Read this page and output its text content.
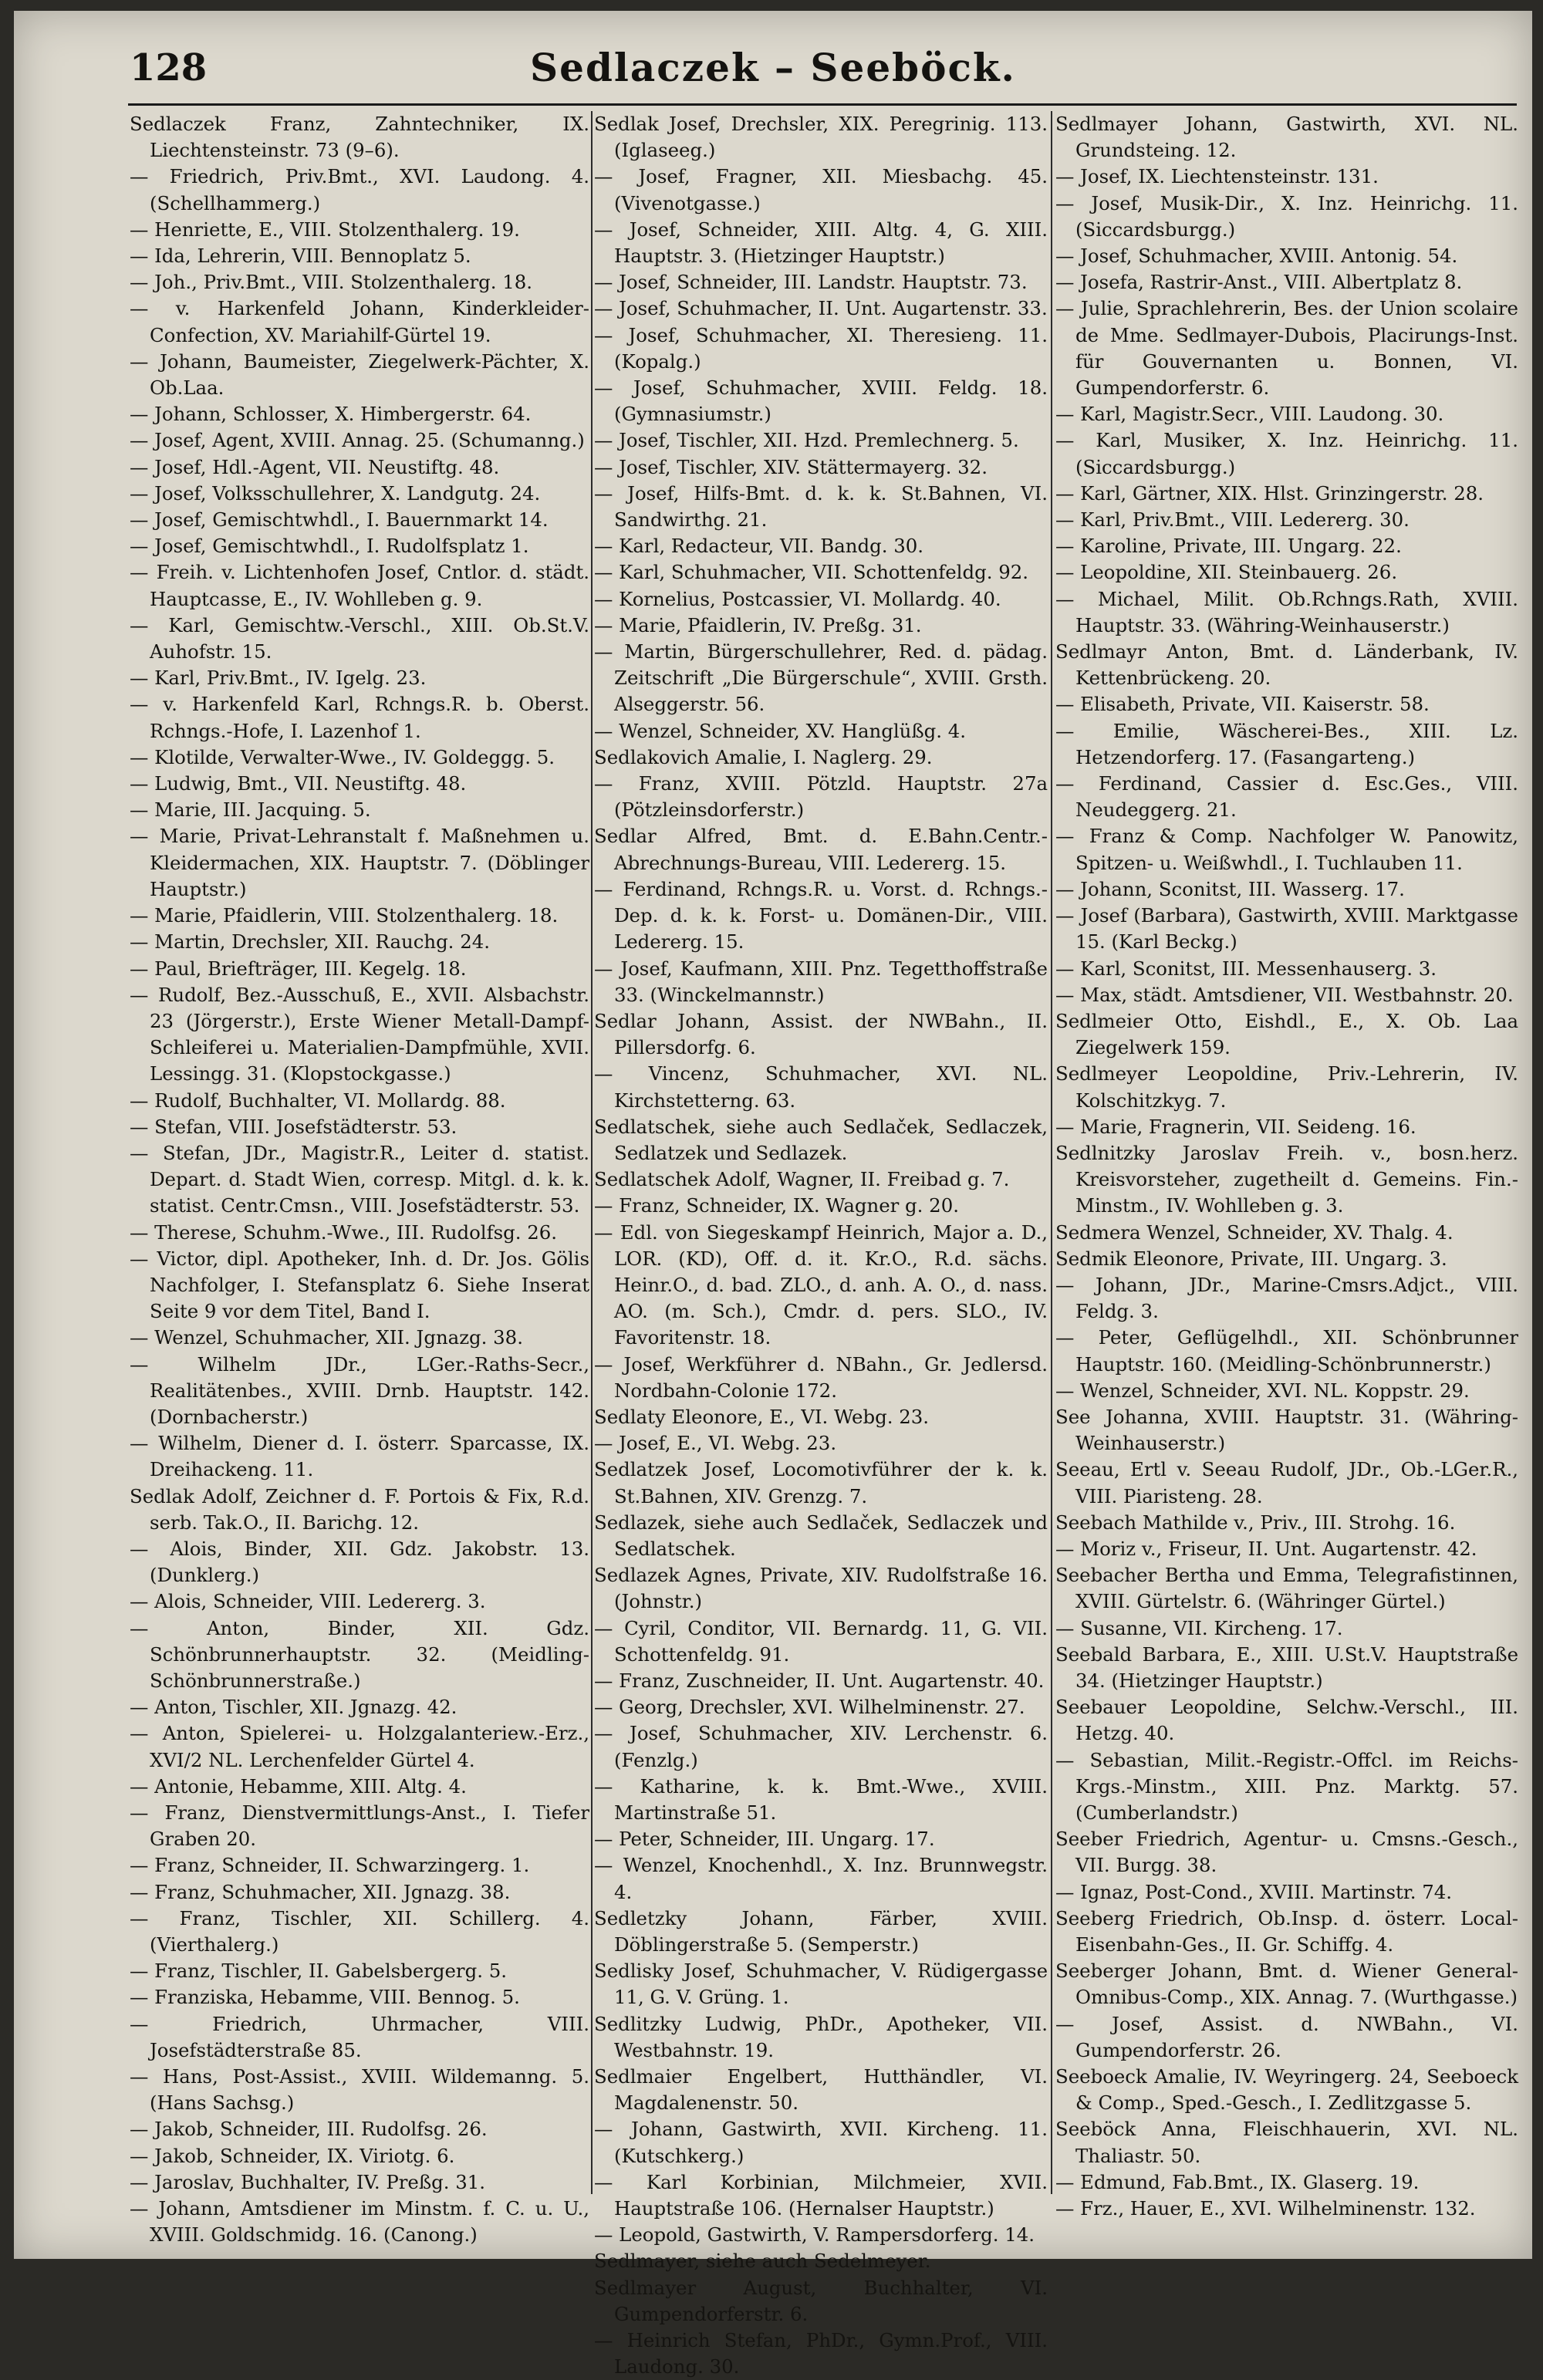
128	Sedlaczek – Seeböck.
Sedlaczek Franz, Zahntechniker, IX. Liechtensteinstr. 73 (9–6).
— Friedrich, Priv.Bmt., XVI. Laudong. 4. (Schellhammerg.)
— Henriette, E., VIII. Stolzenthalerg. 19.
— Ida, Lehrerin, VIII. Bennoplatz 5.
— Joh., Priv.Bmt., VIII. Stolzenthalerg. 18.
— v. Harkenfeld Johann, Kinderkleider-Confection, XV. Mariahilf-Gürtel 19.
— Johann, Baumeister, Ziegelwerk-Pächter, X. Ob.Laa.
— Johann, Schlosser, X. Himbergerstr. 64.
— Josef, Agent, XVIII. Annag. 25. (Schumanng.)
— Josef, Hdl.-Agent, VII. Neustiftg. 48.
— Josef, Volksschullehrer, X. Landgutg. 24.
— Josef, Gemischtwhdl., I. Bauernmarkt 14.
— Josef, Gemischtwhdl., I. Rudolfsplatz 1.
— Freih. v. Lichtenhofen Josef, Cntlor. d. städt. Hauptcasse, E., IV. Wohlleben g. 9.
— Karl, Gemischtw.-Verschl., XIII. Ob.St.V. Auhofstr. 15.
— Karl, Priv.Bmt., IV. Igelg. 23.
— v. Harkenfeld Karl, Rchngs.R. b. Oberst. Rchngs.-Hofe, I. Lazenhof 1.
— Klotilde, Verwalter-Wwe., IV. Goldeggg. 5.
— Ludwig, Bmt., VII. Neustiftg. 48.
— Marie, III. Jacquing. 5.
— Marie, Privat-Lehranstalt f. Maßnehmen u. Kleidermachen, XIX. Hauptstr. 7. (Döblinger Hauptstr.)
— Marie, Pfaidlerin, VIII. Stolzenthalerg. 18.
— Martin, Drechsler, XII. Rauchg. 24.
— Paul, Briefträger, III. Kegelg. 18.
— Rudolf, Bez.-Ausschuß, E., XVII. Alsbachstr. 23 (Jörgerstr.), Erste Wiener Metall-Dampf-Schleiferei u. Materialien-Dampfmühle, XVII. Lessingg. 31. (Klopstockgasse.)
— Rudolf, Buchhalter, VI. Mollardg. 88.
— Stefan, VIII. Josefstädterstr. 53.
— Stefan, JDr., Magistr.R., Leiter d. statist. Depart. d. Stadt Wien, corresp. Mitgl. d. k. k. statist. Centr.Cmsn., VIII. Josefstädterstr. 53.
— Therese, Schuhm.-Wwe., III. Rudolfsg. 26.
— Victor, dipl. Apotheker, Inh. d. Dr. Jos. Gölis Nachfolger, I. Stefansplatz 6. Siehe Inserat Seite 9 vor dem Titel, Band I.
— Wenzel, Schuhmacher, XII. Jgnazg. 38.
— Wilhelm JDr., LGer.-Raths-Secr., Realitätenbes., XVIII. Drnb. Hauptstr. 142. (Dornbacherstr.)
— Wilhelm, Diener d. I. österr. Sparcasse, IX. Dreihackeng. 11.
Sedlak Adolf, Zeichner d. F. Portois & Fix, R.d. serb. Tak.O., II. Barichg. 12.
— Alois, Binder, XII. Gdz. Jakobstr. 13. (Dunklerg.)
— Alois, Schneider, VIII. Ledererg. 3.
— Anton, Binder, XII. Gdz. Schönbrunnerhauptstr. 32. (Meidling-Schönbrunnerstraße.)
— Anton, Tischler, XII. Jgnazg. 42.
— Anton, Spielerei- u. Holzgalanteriew.-Erz., XVI/2 NL. Lerchenfelder Gürtel 4.
— Antonie, Hebamme, XIII. Altg. 4.
— Franz, Dienstvermittlungs-Anst., I. Tiefer Graben 20.
— Franz, Schneider, II. Schwarzingerg. 1.
— Franz, Schuhmacher, XII. Jgnazg. 38.
— Franz, Tischler, XII. Schillerg. 4. (Vierthalerg.)
— Franz, Tischler, II. Gabelsbergerg. 5.
— Franziska, Hebamme, VIII. Bennog. 5.
— Friedrich, Uhrmacher, VIII. Josefstädterstraße 85.
— Hans, Post-Assist., XVIII. Wildemanng. 5. (Hans Sachsg.)
— Jakob, Schneider, III. Rudolfsg. 26.
— Jakob, Schneider, IX. Viriotg. 6.
— Jaroslav, Buchhalter, IV. Preßg. 31.
— Johann, Amtsdiener im Minstm. f. C. u. U., XVIII. Goldschmidg. 16. (Canong.)
Sedlak Josef, Drechsler, XIX. Peregrinig. 113. (Iglaseeg.)
— Josef, Fragner, XII. Miesbachg. 45. (Vivenotgasse.)
— Josef, Schneider, XIII. Altg. 4, G. XIII. Hauptstr. 3. (Hietzinger Hauptstr.)
— Josef, Schneider, III. Landstr. Hauptstr. 73.
— Josef, Schuhmacher, II. Unt. Augartenstr. 33.
— Josef, Schuhmacher, XI. Theresieng. 11. (Kopalg.)
— Josef, Schuhmacher, XVIII. Feldg. 18. (Gymnasiumstr.)
— Josef, Tischler, XII. Hzd. Premlechnerg. 5.
— Josef, Tischler, XIV. Stättermayerg. 32.
— Josef, Hilfs-Bmt. d. k. k. St.Bahnen, VI. Sandwirthg. 21.
— Karl, Redacteur, VII. Bandg. 30.
— Karl, Schuhmacher, VII. Schottenfeldg. 92.
— Kornelius, Postcassier, VI. Mollardg. 40.
— Marie, Pfaidlerin, IV. Preßg. 31.
— Martin, Bürgerschullehrer, Red. d. pädag. Zeitschrift „Die Bürgerschule“, XVIII. Grsth. Alseggerstr. 56.
— Wenzel, Schneider, XV. Hanglüßg. 4.
Sedlakovich Amalie, I. Naglerg. 29.
— Franz, XVIII. Pötzld. Hauptstr. 27a (Pötzleinsdorferstr.)
Sedlar Alfred, Bmt. d. E.Bahn.Centr.-Abrechnungs-Bureau, VIII. Ledererg. 15.
— Ferdinand, Rchngs.R. u. Vorst. d. Rchngs.-Dep. d. k. k. Forst- u. Domänen-Dir., VIII. Ledererg. 15.
— Josef, Kaufmann, XIII. Pnz. Tegetthoffstraße 33. (Winckelmannstr.)
Sedlar Johann, Assist. der NWBahn., II. Pillersdorfg. 6.
— Vincenz, Schuhmacher, XVI. NL. Kirchstetterng. 63.
Sedlatschek, siehe auch Sedlaček, Sedlaczek, Sedlatzek und Sedlazek.
Sedlatschek Adolf, Wagner, II. Freibad g. 7.
— Franz, Schneider, IX. Wagner g. 20.
— Edl. von Siegeskampf Heinrich, Major a. D., LOR. (KD), Off. d. it. Kr.O., R.d. sächs. Heinr.O., d. bad. ZLO., d. anh. A. O., d. nass. AO. (m. Sch.), Cmdr. d. pers. SLO., IV. Favoritenstr. 18.
— Josef, Werkführer d. NBahn., Gr. Jedlersd. Nordbahn-Colonie 172.
Sedlaty Eleonore, E., VI. Webg. 23.
— Josef, E., VI. Webg. 23.
Sedlatzek Josef, Locomotivführer der k. k. St.Bahnen, XIV. Grenzg. 7.
Sedlazek, siehe auch Sedlaček, Sedlaczek und Sedlatschek.
Sedlazek Agnes, Private, XIV. Rudolfstraße 16. (Johnstr.)
— Cyril, Conditor, VII. Bernardg. 11, G. VII. Schottenfeldg. 91.
— Franz, Zuschneider, II. Unt. Augartenstr. 40.
— Georg, Drechsler, XVI. Wilhelminenstr. 27.
— Josef, Schuhmacher, XIV. Lerchenstr. 6. (Fenzlg.)
— Katharine, k. k. Bmt.-Wwe., XVIII. Martinstraße 51.
— Peter, Schneider, III. Ungarg. 17.
— Wenzel, Knochenhdl., X. Inz. Brunnwegstr. 4.
Sedletzky Johann, Färber, XVIII. Döblingerstraße 5. (Semperstr.)
Sedlisky Josef, Schuhmacher, V. Rüdigergasse 11, G. V. Grüng. 1.
Sedlitzky Ludwig, PhDr., Apotheker, VII. Westbahnstr. 19.
Sedlmaier Engelbert, Hutthändler, VI. Magdalenenstr. 50.
— Johann, Gastwirth, XVII. Kircheng. 11. (Kutschkerg.)
— Karl Korbinian, Milchmeier, XVII. Hauptstraße 106. (Hernalser Hauptstr.)
— Leopold, Gastwirth, V. Rampersdorferg. 14.
Sedlmayer, siehe auch Sedelmeyer.
Sedlmayer August, Buchhalter, VI. Gumpendorferstr. 6.
— Heinrich Stefan, PhDr., Gymn.Prof., VIII. Laudong. 30.
Sedlmayer Johann, Gastwirth, XVI. NL. Grundsteing. 12.
— Josef, IX. Liechtensteinstr. 131.
— Josef, Musik-Dir., X. Inz. Heinrichg. 11. (Siccardsburgg.)
— Josef, Schuhmacher, XVIII. Antonig. 54.
— Josefa, Rastrir-Anst., VIII. Albertplatz 8.
— Julie, Sprachlehrerin, Bes. der Union scolaire de Mme. Sedlmayer-Dubois, Placirungs-Inst. für Gouvernanten u. Bonnen, VI. Gumpendorferstr. 6.
— Karl, Magistr.Secr., VIII. Laudong. 30.
— Karl, Musiker, X. Inz. Heinrichg. 11. (Siccardsburgg.)
— Karl, Gärtner, XIX. Hlst. Grinzingerstr. 28.
— Karl, Priv.Bmt., VIII. Ledererg. 30.
— Karoline, Private, III. Ungarg. 22.
— Leopoldine, XII. Steinbauerg. 26.
— Michael, Milit. Ob.Rchngs.Rath, XVIII. Hauptstr. 33. (Währing-Weinhauserstr.)
Sedlmayr Anton, Bmt. d. Länderbank, IV. Kettenbrückeng. 20.
— Elisabeth, Private, VII. Kaiserstr. 58.
— Emilie, Wäscherei-Bes., XIII. Lz. Hetzendorferg. 17. (Fasangarteng.)
— Ferdinand, Cassier d. Esc.Ges., VIII. Neudeggerg. 21.
— Franz & Comp. Nachfolger W. Panowitz, Spitzen- u. Weißwhdl., I. Tuchlauben 11.
— Johann, Sconitst, III. Wasserg. 17.
— Josef (Barbara), Gastwirth, XVIII. Marktgasse 15. (Karl Beckg.)
— Karl, Sconitst, III. Messenhauserg. 3.
— Max, städt. Amtsdiener, VII. Westbahnstr. 20.
Sedlmeier Otto, Eishdl., E., X. Ob. Laa Ziegelwerk 159.
Sedlmeyer Leopoldine, Priv.-Lehrerin, IV. Kolschitzkyg. 7.
— Marie, Fragnerin, VII. Seideng. 16.
Sedlnitzky Jaroslav Freih. v., bosn.herz. Kreisvorsteher, zugetheilt d. Gemeins. Fin.-Minstm., IV. Wohlleben g. 3.
Sedmera Wenzel, Schneider, XV. Thalg. 4.
Sedmik Eleonore, Private, III. Ungarg. 3.
— Johann, JDr., Marine-Cmsrs.Adjct., VIII. Feldg. 3.
— Peter, Geflügelhdl., XII. Schönbrunner Hauptstr. 160. (Meidling-Schönbrunnerstr.)
— Wenzel, Schneider, XVI. NL. Koppstr. 29.
See Johanna, XVIII. Hauptstr. 31. (Währing-Weinhauserstr.)
Seeau, Ertl v. Seeau Rudolf, JDr., Ob.-LGer.R., VIII. Piaristeng. 28.
Seebach Mathilde v., Priv., III. Strohg. 16.
— Moriz v., Friseur, II. Unt. Augartenstr. 42.
Seebacher Bertha und Emma, Telegrafistinnen, XVIII. Gürtelstr. 6. (Währinger Gürtel.)
— Susanne, VII. Kircheng. 17.
Seebald Barbara, E., XIII. U.St.V. Hauptstraße 34. (Hietzinger Hauptstr.)
Seebauer Leopoldine, Selchw.-Verschl., III. Hetzg. 40.
— Sebastian, Milit.-Registr.-Offcl. im Reichs-Krgs.-Minstm., XIII. Pnz. Marktg. 57. (Cumberlandstr.)
Seeber Friedrich, Agentur- u. Cmsns.-Gesch., VII. Burgg. 38.
— Ignaz, Post-Cond., XVIII. Martinstr. 74.
Seeberg Friedrich, Ob.Insp. d. österr. Local-Eisenbahn-Ges., II. Gr. Schiffg. 4.
Seeberger Johann, Bmt. d. Wiener General-Omnibus-Comp., XIX. Annag. 7. (Wurthgasse.)
— Josef, Assist. d. NWBahn., VI. Gumpendorferstr. 26.
Seeboeck Amalie, IV. Weyringerg. 24, Seeboeck & Comp., Sped.-Gesch., I. Zedlitzgasse 5.
Seeböck Anna, Fleischhauerin, XVI. NL. Thaliastr. 50.
— Edmund, Fab.Bmt., IX. Glaserg. 19.
— Frz., Hauer, E., XVI. Wilhelminenstr. 132.
